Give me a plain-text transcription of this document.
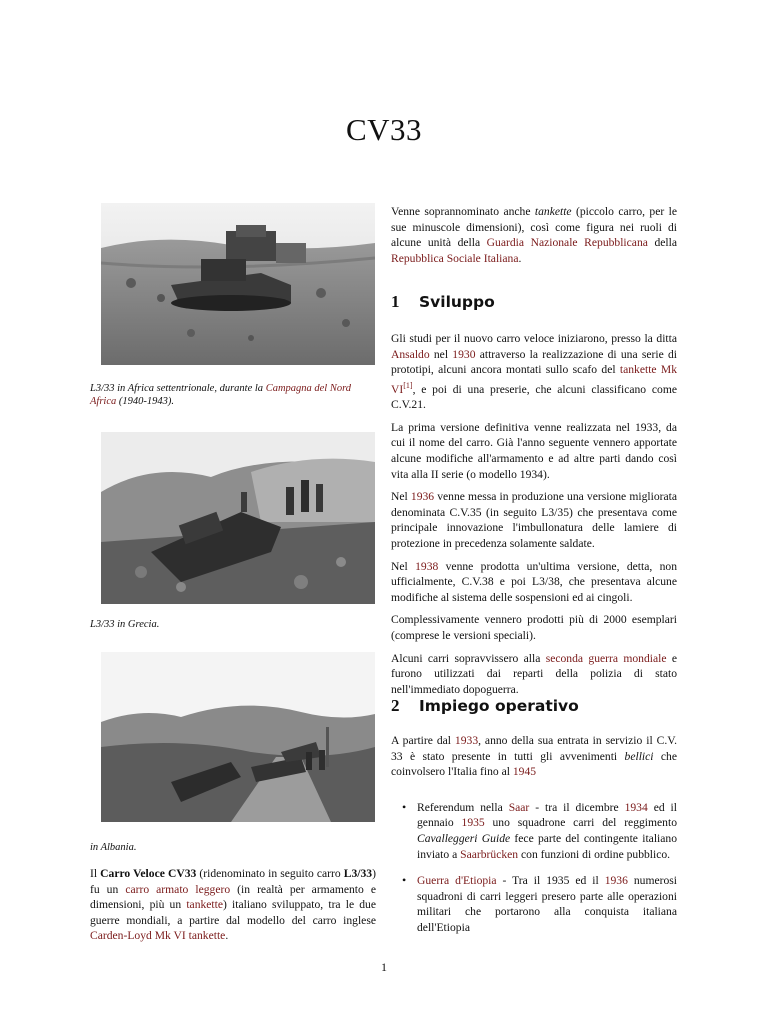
CV33
L3/33 in Africa settentrionale, durante la Campagna del Nord Africa (1940-1943).

L3/33 in Grecia.
in Albania.

Il Carro Veloce CV33 (ridenominato in seguito carro L3/33) fu un carro armato leggero (in realtà per armamento e dimensioni, più un tankette) italiano sviluppato, tra le due guerre mondiali, a partire dal modello del carro inglese Carden-Loyd Mk VI tankette.

Venne soprannominato anche tankette (piccolo carro, per le sue minuscole dimensioni), così come figura nei ruoli di alcune unità della Guardia Nazionale Repubblicana della Repubblica Sociale Italiana.

1 Sviluppo

Gli studi per il nuovo carro veloce iniziarono, presso la ditta Ansaldo nel 1930 attraverso la realizzazione di una serie di prototipi, alcuni ancora montati sullo scafo del tankette Mk VI[1], e poi di una preserie, che alcuni classificano come C.V.21.

La prima versione definitiva venne realizzata nel 1933, da cui il nome del carro. Già l'anno seguente vennero apportate alcune modifiche all'armamento e ad altre parti dando così vita alla II serie (o modello 1934).

Nel 1936 venne messa in produzione una versione migliorata denominata C.V.35 (in seguito L3/35) che presentava come principale innovazione l'imbullonatura delle lamiere di protezione in precedenza solamente saldate.

Nel 1938 venne prodotta un'ultima versione, detta, non ufficialmente, C.V.38 e poi L3/38, che presentava alcune modifiche al sistema delle sospensioni ed ai cingoli.

Complessivamente vennero prodotti più di 2000 esemplari (comprese le versioni speciali).

Alcuni carri sopravvissero alla seconda guerra mondiale e furono utilizzati dai reparti della polizia di stato nell'immediato dopoguerra.

2 Impiego operativo

A partire dal 1933, anno della sua entrata in servizio il C.V. 33 è stato presente in tutti gli avvenimenti bellici che coinvolsero l'Italia fino al 1945

• Referendum nella Saar - tra il dicembre 1934 ed il gennaio 1935 uno squadrone carri del reggimento Cavalleggeri Guide fece parte del contingente italiano inviato a Saarbrücken con funzioni di ordine pubblico.
• Guerra d'Etiopia - Tra il 1935 ed il 1936 numerosi squadroni di carri leggeri presero parte alle operazioni militari che portarono alla conquista italiana dell'Etiopia
1
